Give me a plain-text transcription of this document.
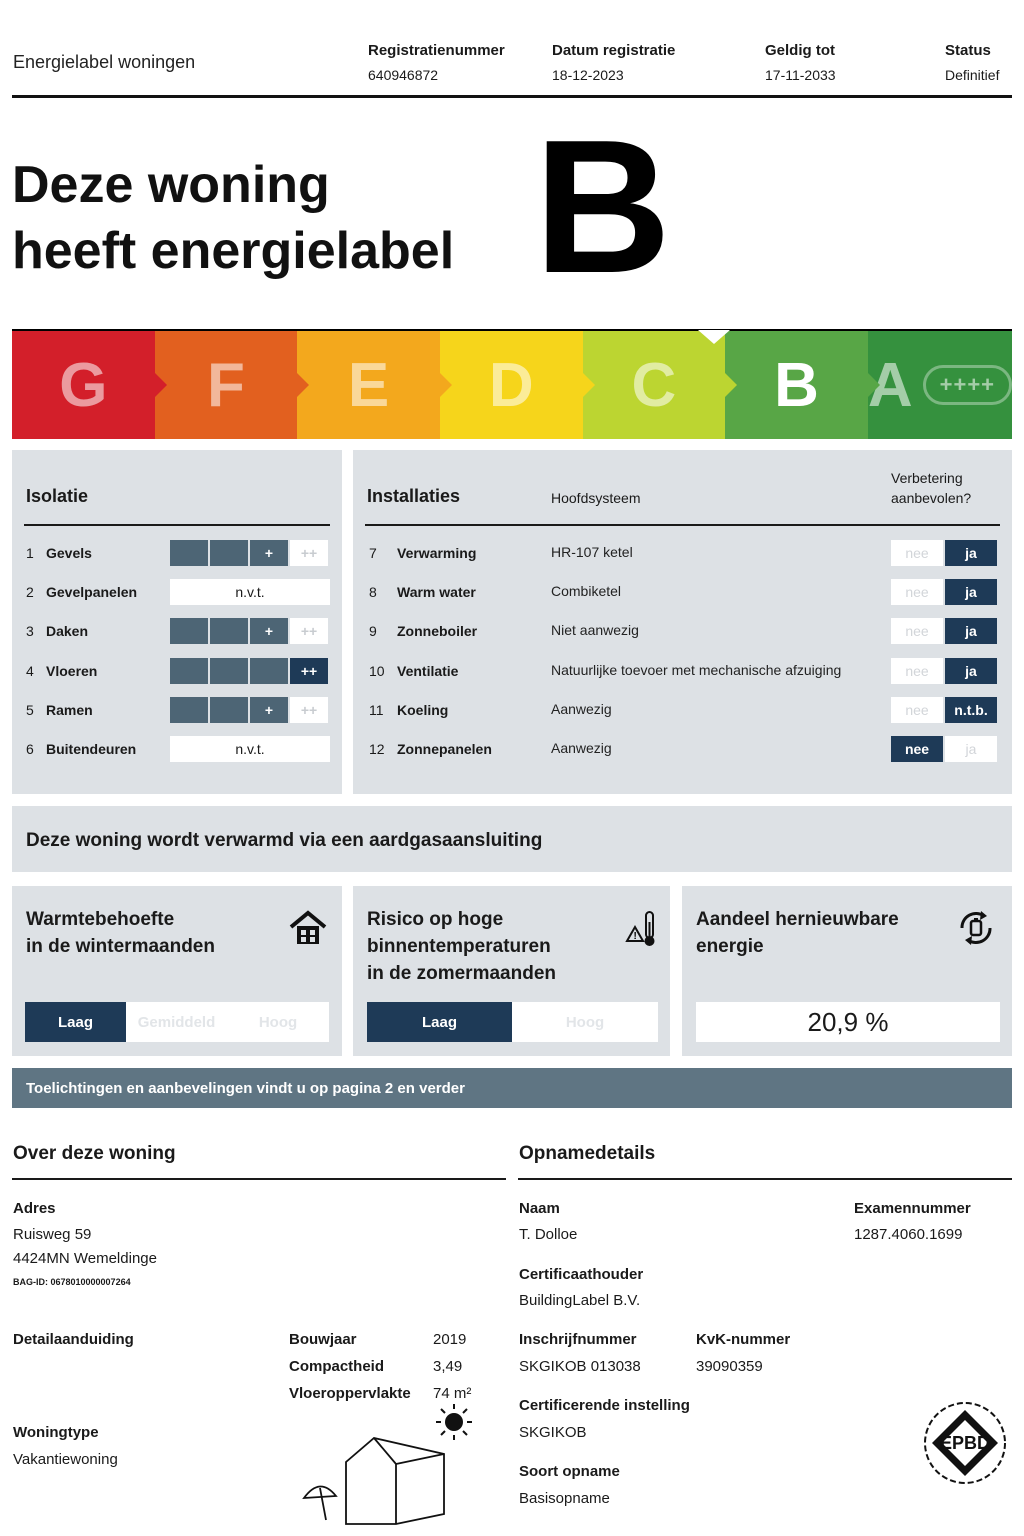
Energielabel woningen
Registratienummer
640946872
Datum registratie
18-12-2023
Geldig tot
17-11-2033
Status
Definitief
Deze woning
heeft energielabel B
G F E D C B A	++++
Isolatie
1 Gevels	+	++
2 Gevelpanelen	n.v.t.
3 Daken	+	++
4 Vloeren	++
5 Ramen	+	++
6 Buitendeuren	n.v.t.
Installaties	Hoofdsysteem
Verbetering
aanbevolen?
7	Verwarming	HR-107 ketel	nee	ja
8	Warm water	Combiketel	nee	ja
9	Zonneboiler	Niet aanwezig	nee	ja
10 Ventilatie	Natuurlijke toevoer met mechanische afzuiging	nee	ja
11 Koeling	Aanwezig	nee	n.t.b.
12 Zonnepanelen	Aanwezig	nee	ja
Deze woning wordt verwarmd via een aardgasaansluiting
Warmtebehoefte
in de wintermaanden
Laag	Gemiddeld	Hoog
Risico op hoge
binnentemperaturen
in de zomermaanden
!
Laag	Hoog
Aandeel hernieuwbare
energie
20,9 %
Toelichtingen en aanbevelingen vindt u op pagina 2 en verder
Over deze woning
Adres
Ruisweg 59
4424MN Wemeldinge
BAG-ID: 0678010000007264
Detailaanduiding	Bouwjaar	2019
Compactheid	3,49
Vloeroppervlakte 74 m²
Woningtype
Vakantiewoning
Opnamedetails
Naam
T. Dolloe
Examennummer
1287.4060.1699
Certificaathouder
BuildingLabel B.V.
Inschrijfnummer
SKGIKOB 013038
KvK-nummer
39090359
Certificerende instelling
SKGIKOB
Soort opname
Basisopname
EPBD
